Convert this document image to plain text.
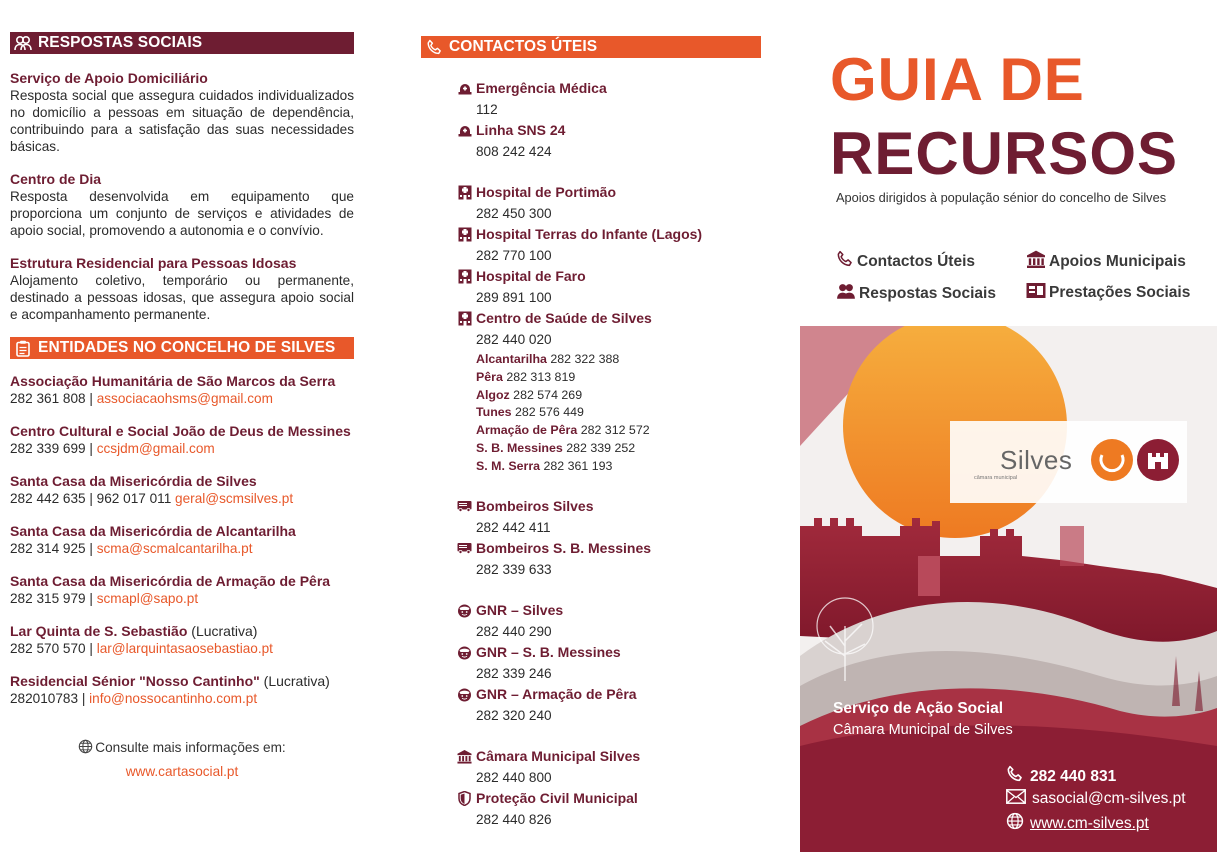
RESPOSTAS SOCIAIS
Serviço de Apoio Domiciliário
Resposta social que assegura cuidados individualizados no domicílio a pessoas em situação de dependência, contribuindo para a satisfação das suas necessidades básicas.
Centro de Dia
Resposta desenvolvida em equipamento que proporciona um conjunto de serviços e atividades de apoio social, promovendo a autonomia e o convívio.
Estrutura Residencial para Pessoas Idosas
Alojamento coletivo, temporário ou permanente, destinado a pessoas idosas, que assegura apoio social e acompanhamento permanente.
ENTIDADES NO CONCELHO DE SILVES
Associação Humanitária de São Marcos da Serra
282 361 808 | associacaohsms@gmail.com
Centro Cultural e Social João de Deus de Messines
282 339 699 | ccsjdm@gmail.com
Santa Casa da Misericórdia de Silves
282 442 635 | 962 017 011 geral@scmsilves.pt
Santa Casa da Misericórdia de Alcantarilha
282 314 925 | scma@scmalcantarilha.pt
Santa Casa da Misericórdia de Armação de Pêra
282 315 979 | scmapl@sapo.pt
Lar Quinta de S. Sebastião (Lucrativa)
282 570 570 | lar@larquintasaosebastiao.pt
Residencial Sénior "Nosso Cantinho" (Lucrativa)
282010783 | info@nossocantinho.com.pt
Consulte mais informações em:
www.cartasocial.pt
CONTACTOS ÚTEIS
Emergência Médica
112
Linha SNS 24
808 242 424
Hospital de Portimão
282 450 300
Hospital Terras do Infante (Lagos)
282 770 100
Hospital de Faro
289 891 100
Centro de Saúde de Silves
282 440 020
Alcantarilha 282 322 388
Pêra 282 313 819
Algoz 282 574 269
Tunes 282 576 449
Armação de Pêra 282 312 572
S. B. Messines 282 339 252
S. M. Serra 282 361 193
Bombeiros Silves
282 442 411
Bombeiros S. B. Messines
282 339 633
GNR – Silves
282 440 290
GNR – S. B. Messines
282 339 246
GNR – Armação de Pêra
282 320 240
Câmara Municipal Silves
282 440 800
Proteção Civil Municipal
282 440 826
GUIA DE
RECURSOS
Apoios dirigidos à população sénior do concelho de Silves
Contactos Úteis	Apoios Municipais
Respostas Sociais	Prestações Sociais
Silves
câmara municipal
Serviço de Ação Social
Câmara Municipal de Silves
282 440 831
sasocial@cm-silves.pt
www.cm-silves.pt
